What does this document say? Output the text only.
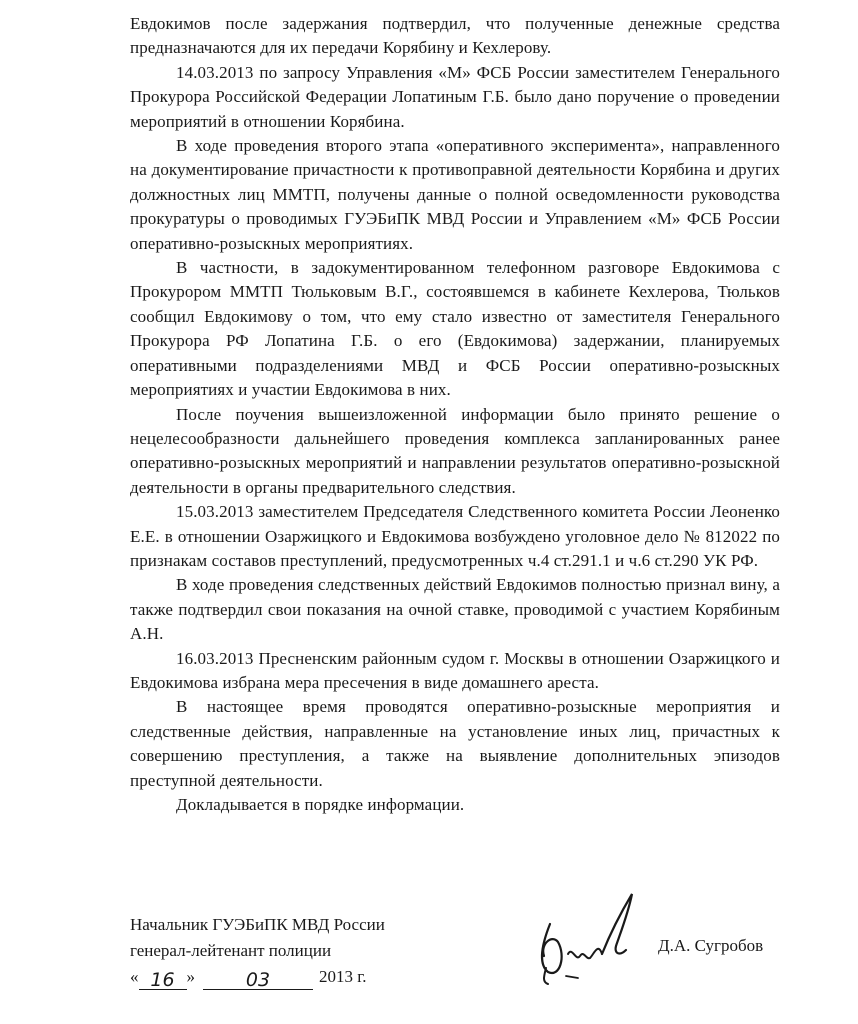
Евдокимов после задержания подтвердил, что полученные денежные средства предназначаются для их передачи Корябину и Кехлерову.

14.03.2013 по запросу Управления «М» ФСБ России заместителем Генерального Прокурора Российской Федерации Лопатиным Г.Б. было дано поручение о проведении мероприятий в отношении Корябина.

В ходе проведения второго этапа «оперативного эксперимента», направленного на документирование причастности к противоправной деятельности Корябина и других должностных лиц ММТП, получены данные о полной осведомленности руководства прокуратуры о проводимых ГУЭБиПК МВД России и Управлением «М» ФСБ России оперативно-розыскных мероприятиях.

В частности, в задокументированном телефонном разговоре Евдокимова с Прокурором ММТП Тюльковым В.Г., состоявшемся в кабинете Кехлерова, Тюльков сообщил Евдокимову о том, что ему стало известно от заместителя Генерального Прокурора РФ Лопатина Г.Б. о его (Евдокимова) задержании, планируемых оперативными подразделениями МВД и ФСБ России оперативно-розыскных мероприятиях и участии Евдокимова в них.

После поучения вышеизложенной информации было принято решение о нецелесообразности дальнейшего проведения комплекса запланированных ранее оперативно-розыскных мероприятий и направлении результатов оперативно-розыскной деятельности в органы предварительного следствия.

15.03.2013 заместителем Председателя Следственного комитета России Леоненко Е.Е. в отношении Озаржицкого и Евдокимова возбуждено уголовное дело № 812022 по признакам составов преступлений, предусмотренных ч.4 ст.291.1 и ч.6 ст.290 УК РФ.

В ходе проведения следственных действий Евдокимов полностью признал вину, а также подтвердил свои показания на очной ставке, проводимой с участием Корябиным А.Н.

16.03.2013 Пресненским районным судом г. Москвы в отношении Озаржицкого и Евдокимова избрана мера пресечения в виде домашнего ареста.

В настоящее время проводятся оперативно-розыскные мероприятия и следственные действия, направленные на установление иных лиц, причастных к совершению преступления, а также на выявление дополнительных эпизодов преступной деятельности.

Докладывается в порядке информации.

Начальник ГУЭБиПК МВД России
генерал-лейтенант полиции
« 16 »	03	2013 г.
Д.А. Сугробов
